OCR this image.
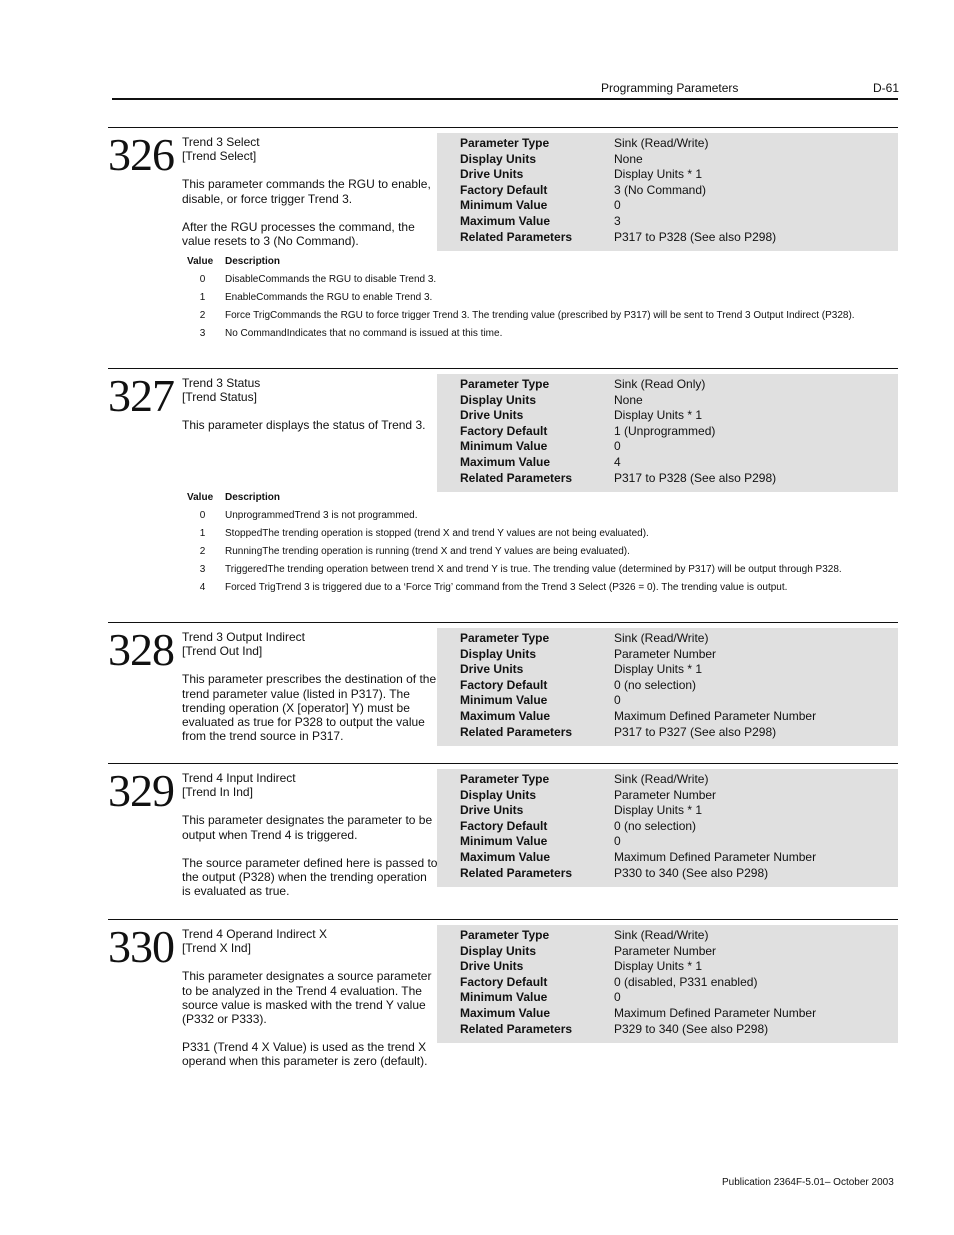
Programming Parameters	D-61
326 Trend 3 Select
[Trend Select]

This parameter commands the RGU to enable, disable, or force trigger Trend 3.

After the RGU processes the command, the value resets to 3 (No Command).

Parameter Type	Sink (Read/Write)
Display Units	None
Drive Units	Display Units * 1
Factory Default	3 (No Command)
Minimum Value	0
Maximum Value	3
Related Parameters	P317 to P328 (See also P298)
Value	Description
0	DisableCommands the RGU to disable Trend 3.
1	EnableCommands the RGU to enable Trend 3.
2	Force TrigCommands the RGU to force trigger Trend 3. The trending value (prescribed by P317) will be sent to Trend 3 Output Indirect (P328).
3	No CommandIndicates that no command is issued at this time.
327 Trend 3 Status
[Trend Status]

This parameter displays the status of Trend 3.

Parameter Type	Sink (Read Only)
Display Units	None
Drive Units	Display Units * 1
Factory Default	1 (Unprogrammed)
Minimum Value	0
Maximum Value	4
Related Parameters	P317 to P328 (See also P298)
Value	Description
0	UnprogrammedTrend 3 is not programmed.
1	StoppedThe trending operation is stopped (trend X and trend Y values are not being evaluated).
2	RunningThe trending operation is running (trend X and trend Y values are being evaluated).
3	TriggeredThe trending operation between trend X and trend Y is true. The trending value (determined by P317) will be output through P328.
4	Forced TrigTrend 3 is triggered due to a ‘Force Trig’ command from the Trend 3 Select (P326 = 0). The trending value is output.
328 Trend 3 Output Indirect
[Trend Out Ind]

This parameter prescribes the destination of the trend parameter value (listed in P317). The trending operation (X [operator] Y) must be evaluated as true for P328 to output the value from the trend source in P317.

Parameter Type	Sink (Read/Write)
Display Units	Parameter Number
Drive Units	Display Units * 1
Factory Default	0 (no selection)
Minimum Value	0
Maximum Value	Maximum Defined Parameter Number
Related Parameters	P317 to P327 (See also P298)
329 Trend 4 Input Indirect
[Trend In Ind]

This parameter designates the parameter to be output when Trend 4 is triggered.

The source parameter defined here is passed to the output (P328) when the trending operation is evaluated as true.

Parameter Type	Sink (Read/Write)
Display Units	Parameter Number
Drive Units	Display Units * 1
Factory Default	0 (no selection)
Minimum Value	0
Maximum Value	Maximum Defined Parameter Number
Related Parameters	P330 to 340 (See also P298)
330 Trend 4 Operand Indirect X
[Trend X Ind]

This parameter designates a source parameter to be analyzed in the Trend 4 evaluation. The source value is masked with the trend Y value (P332 or P333).

P331 (Trend 4 X Value) is used as the trend X operand when this parameter is zero (default).

Parameter Type	Sink (Read/Write)
Display Units	Parameter Number
Drive Units	Display Units * 1
Factory Default	0 (disabled, P331 enabled)
Minimum Value	0
Maximum Value	Maximum Defined Parameter Number
Related Parameters	P329 to 340 (See also P298)
Publication 2364F-5.01– October 2003
